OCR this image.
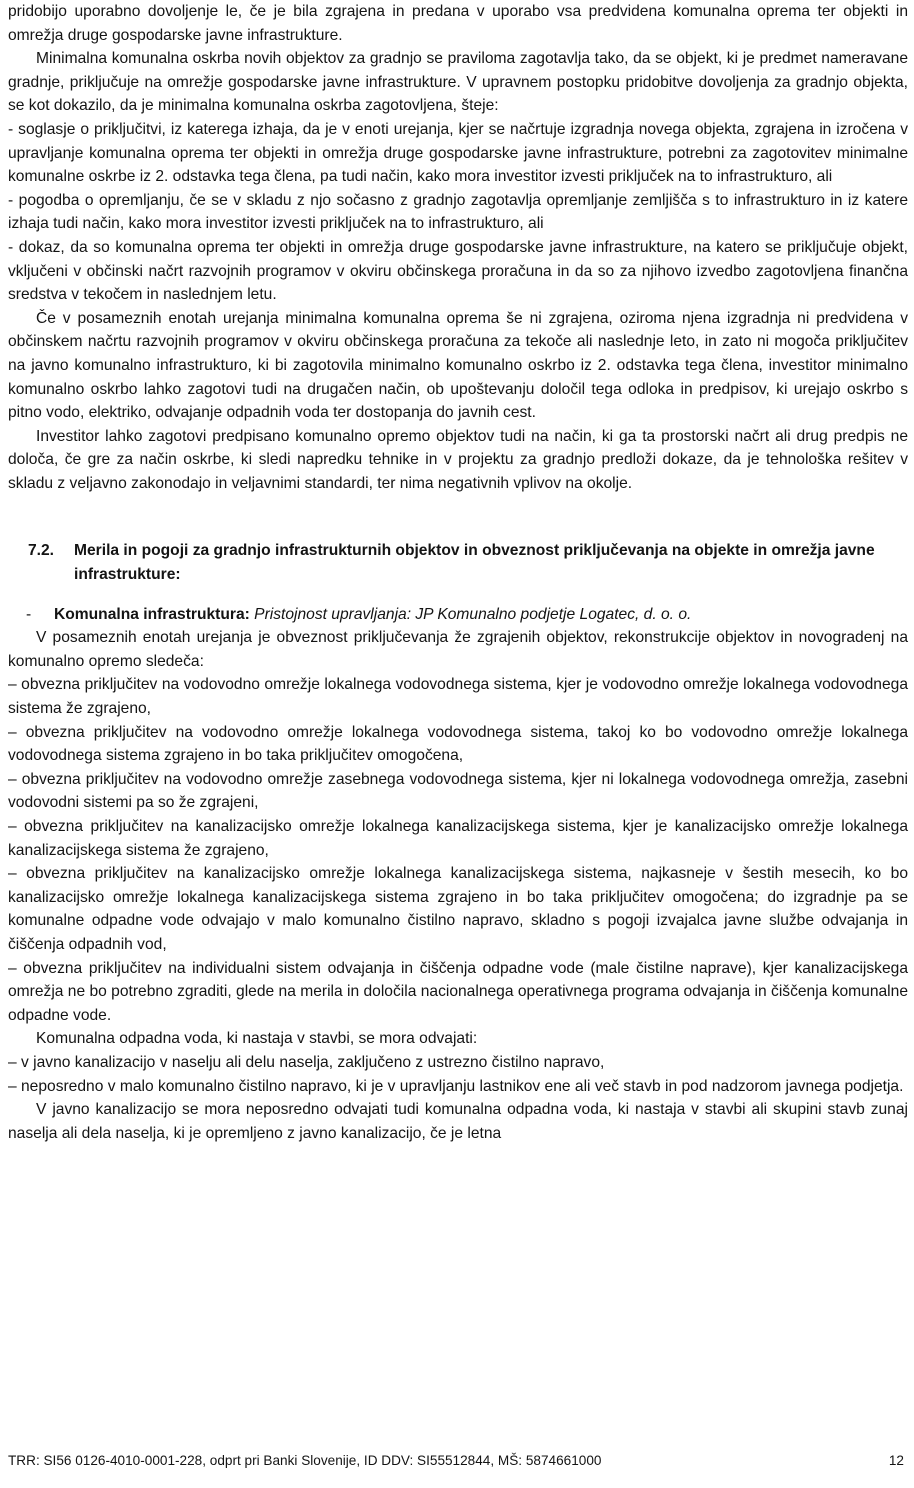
pridobijo uporabno dovoljenje le, če je bila zgrajena in predana v uporabo vsa predvidena komunalna oprema ter objekti in omrežja druge gospodarske javne infrastrukture.

Minimalna komunalna oskrba novih objektov za gradnjo se praviloma zagotavlja tako, da se objekt, ki je predmet nameravane gradnje, priključuje na omrežje gospodarske javne infrastrukture. V upravnem postopku pridobitve dovoljenja za gradnjo objekta, se kot dokazilo, da je minimalna komunalna oskrba zagotovljena, šteje:

- soglasje o priključitvi, iz katerega izhaja, da je v enoti urejanja, kjer se načrtuje izgradnja novega objekta, zgrajena in izročena v upravljanje komunalna oprema ter objekti in omrežja druge gospodarske javne infrastrukture, potrebni za zagotovitev minimalne komunalne oskrbe iz 2. odstavka tega člena, pa tudi način, kako mora investitor izvesti priključek na to infrastrukturo, ali

- pogodba o opremljanju, če se v skladu z njo sočasno z gradnjo zagotavlja opremljanje zemljišča s to infrastrukturo in iz katere izhaja tudi način, kako mora investitor izvesti priključek na to infrastrukturo, ali

- dokaz, da so komunalna oprema ter objekti in omrežja druge gospodarske javne infrastrukture, na katero se priključuje objekt, vključeni v občinski načrt razvojnih programov v okviru občinskega proračuna in da so za njihovo izvedbo zagotovljena finančna sredstva v tekočem in naslednjem letu.

Če v posameznih enotah urejanja minimalna komunalna oprema še ni zgrajena, oziroma njena izgradnja ni predvidena v občinskem načrtu razvojnih programov v okviru občinskega proračuna za tekoče ali naslednje leto, in zato ni mogoča priključitev na javno komunalno infrastrukturo, ki bi zagotovila minimalno komunalno oskrbo iz 2. odstavka tega člena, investitor minimalno komunalno oskrbo lahko zagotovi tudi na drugačen način, ob upoštevanju določil tega odloka in predpisov, ki urejajo oskrbo s pitno vodo, elektriko, odvajanje odpadnih voda ter dostopanja do javnih cest.

Investitor lahko zagotovi predpisano komunalno opremo objektov tudi na način, ki ga ta prostorski načrt ali drug predpis ne določa, če gre za način oskrbe, ki sledi napredku tehnike in v projektu za gradnjo predloži dokaze, da je tehnološka rešitev v skladu z veljavno zakonodajo in veljavnimi standardi, ter nima negativnih vplivov na okolje.

7.2.	Merila in pogoji za gradnjo infrastrukturnih objektov in obveznost priključevanja na objekte in omrežja javne infrastrukture:
-	Komunalna infrastruktura: Pristojnost upravljanja: JP Komunalno podjetje Logatec, d. o. o.

V posameznih enotah urejanja je obveznost priključevanja že zgrajenih objektov, rekonstrukcije objektov in novogradenj na komunalno opremo sledeča:

– obvezna priključitev na vodovodno omrežje lokalnega vodovodnega sistema, kjer je vodovodno omrežje lokalnega vodovodnega sistema že zgrajeno,

– obvezna priključitev na vodovodno omrežje lokalnega vodovodnega sistema, takoj ko bo vodovodno omrežje lokalnega vodovodnega sistema zgrajeno in bo taka priključitev omogočena,

– obvezna priključitev na vodovodno omrežje zasebnega vodovodnega sistema, kjer ni lokalnega vodovodnega omrežja, zasebni vodovodni sistemi pa so že zgrajeni,

– obvezna priključitev na kanalizacijsko omrežje lokalnega kanalizacijskega sistema, kjer je kanalizacijsko omrežje lokalnega kanalizacijskega sistema že zgrajeno,

– obvezna priključitev na kanalizacijsko omrežje lokalnega kanalizacijskega sistema, najkasneje v šestih mesecih, ko bo kanalizacijsko omrežje lokalnega kanalizacijskega sistema zgrajeno in bo taka priključitev omogočena; do izgradnje pa se komunalne odpadne vode odvajajo v malo komunalno čistilno napravo, skladno s pogoji izvajalca javne službe odvajanja in čiščenja odpadnih vod,

– obvezna priključitev na individualni sistem odvajanja in čiščenja odpadne vode (male čistilne naprave), kjer kanalizacijskega omrežja ne bo potrebno zgraditi, glede na merila in določila nacionalnega operativnega programa odvajanja in čiščenja komunalne odpadne vode.

Komunalna odpadna voda, ki nastaja v stavbi, se mora odvajati:

– v javno kanalizacijo v naselju ali delu naselja, zaključeno z ustrezno čistilno napravo,

– neposredno v malo komunalno čistilno napravo, ki je v upravljanju lastnikov ene ali več stavb in pod nadzorom javnega podjetja.

V javno kanalizacijo se mora neposredno odvajati tudi komunalna odpadna voda, ki nastaja v stavbi ali skupini stavb zunaj naselja ali dela naselja, ki je opremljeno z javno kanalizacijo, če je letna

TRR: SI56 0126-4010-0001-228, odprt pri Banki Slovenije, ID DDV: SI55512844, MŠ: 5874661000	12
